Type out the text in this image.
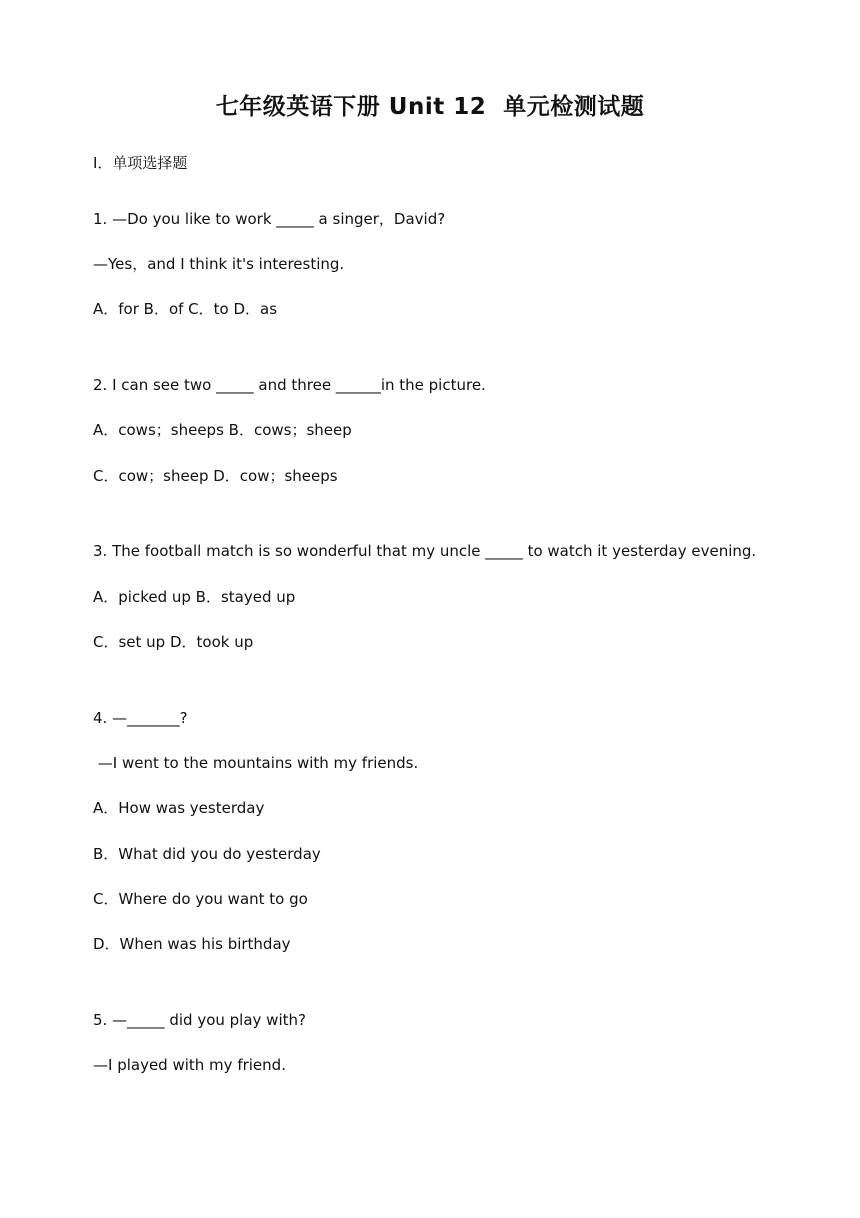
七年级英语下册 Unit 12  单元检测试题
Ⅰ．单项选择题
1. —Do you like to work _____ a singer，David?
—Yes，and I think it's interesting.
A．for B．of C．to D．as
2. I can see two _____ and three ______in the picture.
A．cows；sheeps B．cows；sheep
C．cow；sheep D．cow；sheeps
3. The football match is so wonderful that my uncle _____ to watch it yesterday evening.
A．picked up B．stayed up
C．set up D．took up
4. —_______?
—I went to the mountains with my friends.
A．How was yesterday
B．What did you do yesterday
C．Where do you want to go
D．When was his birthday
5. —_____ did you play with?
—I played with my friend.
